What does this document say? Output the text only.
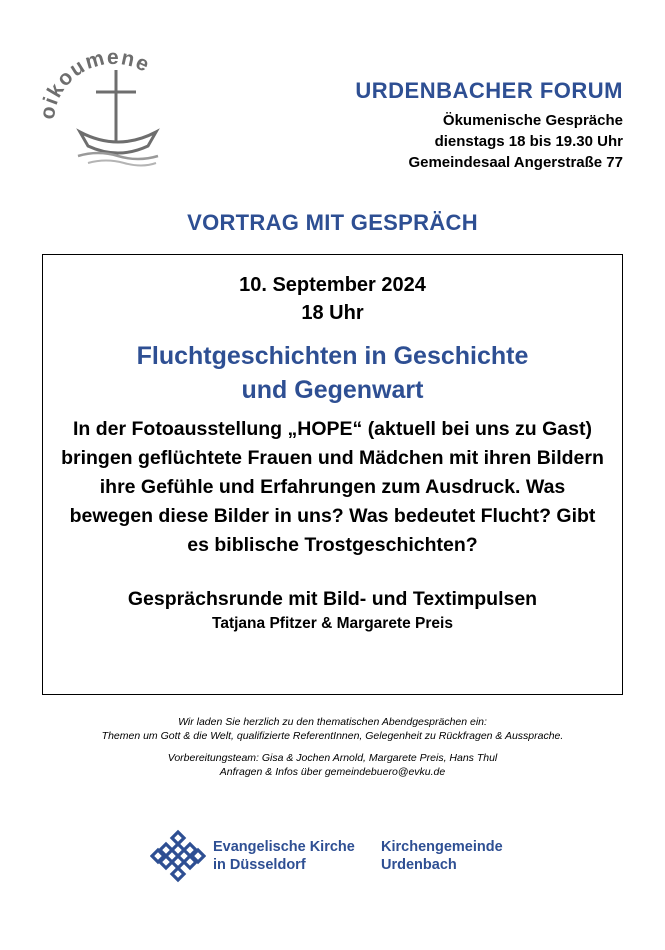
oikoumene
URDENBACHER FORUM
Ökumenische Gespräche
dienstags 18 bis 19.30 Uhr
Gemeindesaal Angerstraße 77
VORTRAG MIT GESPRÄCH
10. September 2024
18 Uhr
Fluchtgeschichten in Geschichte
und Gegenwart
In der Fotoausstellung „HOPE“ (aktuell bei uns zu Gast) bringen geflüchtete Frauen und Mädchen mit ihren Bildern ihre Gefühle und Erfahrungen zum Ausdruck. Was bewegen diese Bilder in uns? Was bedeutet Flucht? Gibt es biblische Trostgeschichten?
Gesprächsrunde mit Bild- und Textimpulsen
Tatjana Pfitzer & Margarete Preis
Wir laden Sie herzlich zu den thematischen Abendgesprächen ein:
Themen um Gott & die Welt, qualifizierte ReferentInnen, Gelegenheit zu Rückfragen & Aussprache.
Vorbereitungsteam: Gisa & Jochen Arnold, Margarete Preis, Hans Thul
Anfragen & Infos über gemeindebuero@evku.de
Evangelische Kirche
in Düsseldorf
Kirchengemeinde
Urdenbach
